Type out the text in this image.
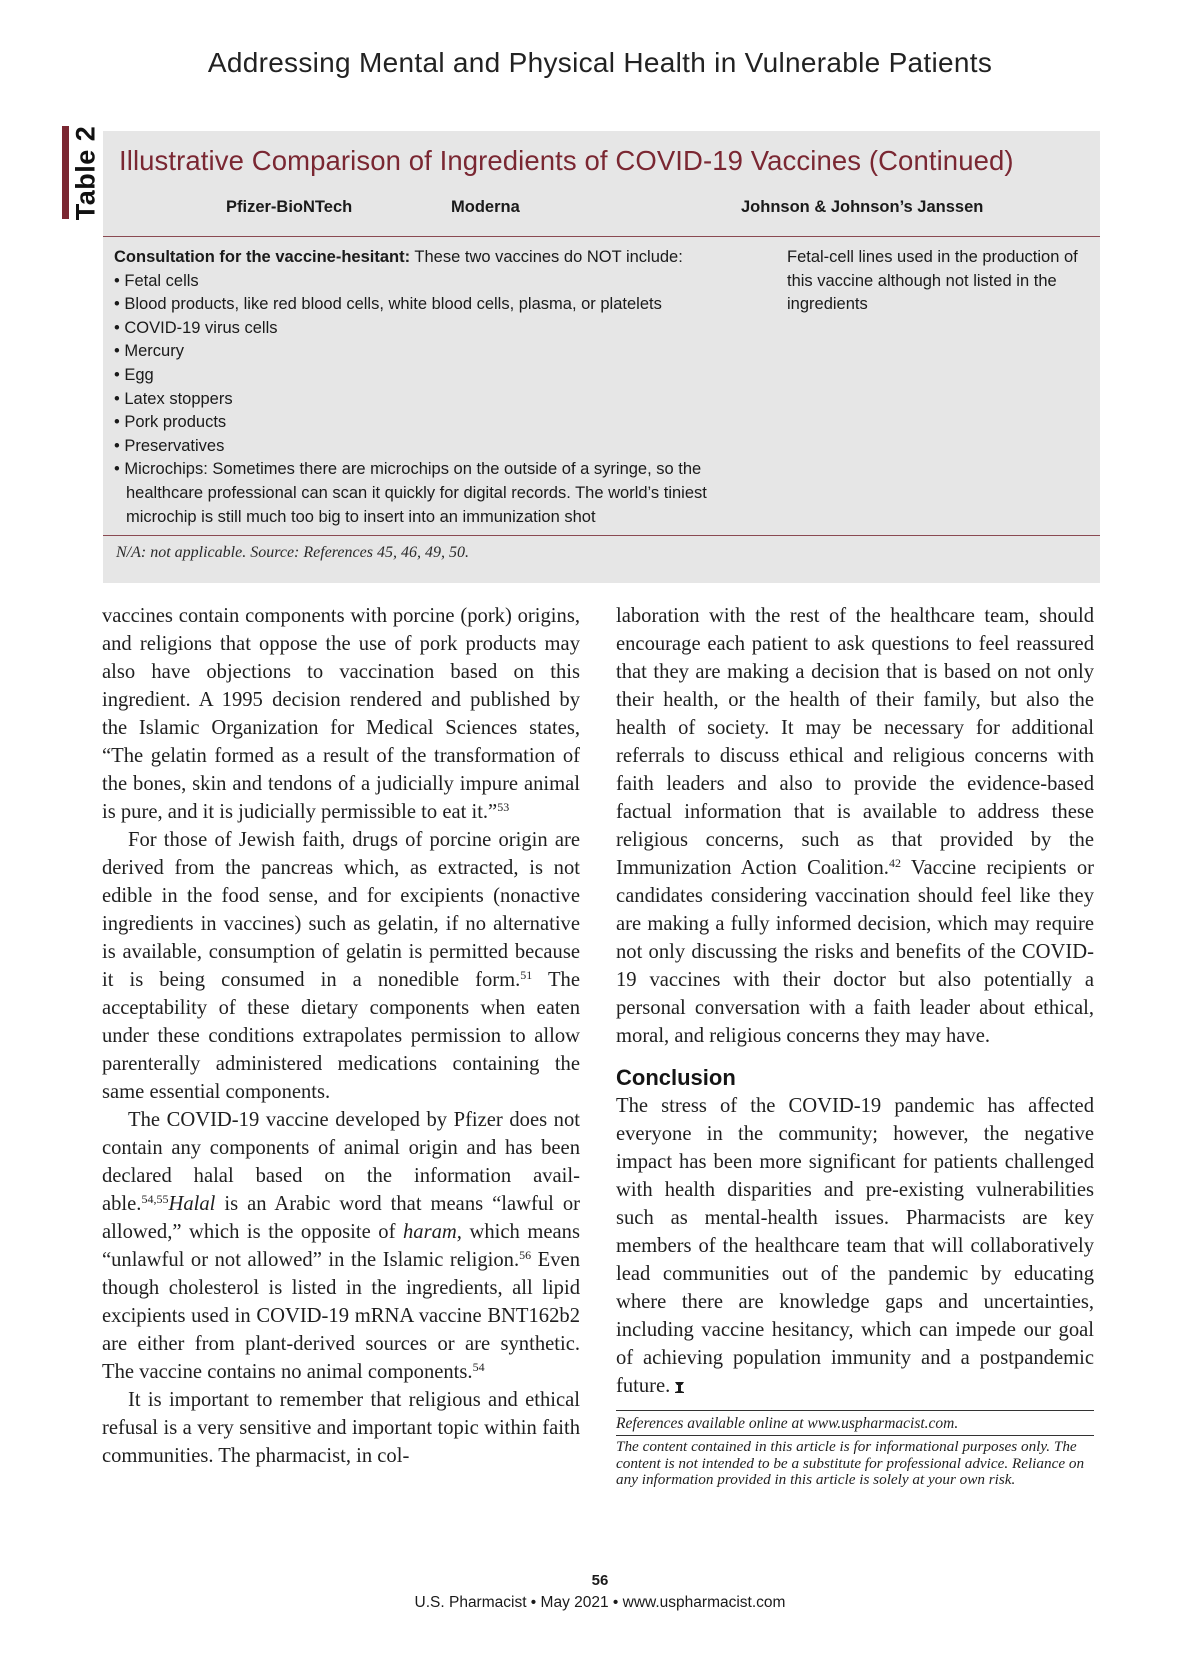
Addressing Mental and Physical Health in Vulnerable Patients
Table 2 Illustrative Comparison of Ingredients of COVID-19 Vaccines (Continued)
Pfizer-BioNTech	Moderna	Johnson & Johnson’s Janssen
Consultation for the vaccine-hesitant: These two vaccines do NOT include:
• Fetal cells
• Blood products, like red blood cells, white blood cells, plasma, or platelets
• COVID-19 virus cells
• Mercury
• Egg
• Latex stoppers
• Pork products
• Preservatives
• Microchips: Sometimes there are microchips on the outside of a syringe, so the healthcare professional can scan it quickly for digital records. The world’s tiniest microchip is still much too big to insert into an immunization shot
Fetal-cell lines used in the production of this vaccine although not listed in the ingredients
N/A: not applicable. Source: References 45, 46, 49, 50.

vaccines contain components with porcine (pork) origins, and religions that oppose the use of pork products may also have objections to vaccination based on this ingredient. A 1995 decision rendered and published by the Islamic Organization for Medical Sciences states, “The gelatin formed as a result of the transformation of the bones, skin and tendons of a judicially impure animal is pure, and it is judicially permissible to eat it.”$^{53}$

For those of Jewish faith, drugs of porcine origin are derived from the pancreas which, as extracted, is not edible in the food sense, and for excipients (nonactive ingredients in vaccines) such as gelatin, if no alternative is available, consumption of gelatin is permitted because it is being consumed in a nonedible form.$^{51}$ The acceptability of these dietary components when eaten under these conditions extrapolates permission to allow parenterally administered medications containing the same essential components.

The COVID-19 vaccine developed by Pfizer does not contain any components of animal origin and has been declared halal based on the information available.$^{54,55}$Halal is an Arabic word that means “lawful or allowed,” which is the opposite of haram, which means “unlawful or not allowed” in the Islamic religion.$^{56}$ Even though cholesterol is listed in the ingredients, all lipid excipients used in COVID-19 mRNA vaccine BNT162b2 are either from plant-derived sources or are synthetic. The vaccine contains no animal components.$^{54}$

It is important to remember that religious and ethical refusal is a very sensitive and important topic within faith communities. The pharmacist, in col-

laboration with the rest of the healthcare team, should encourage each patient to ask questions to feel reassured that they are making a decision that is based on not only their health, or the health of their family, but also the health of society. It may be necessary for additional referrals to discuss ethical and religious concerns with faith leaders and also to provide the evidence-based factual information that is available to address these religious concerns, such as that provided by the Immunization Action Coalition.$^{42}$ Vaccine recipients or candidates considering vaccination should feel like they are making a fully informed decision, which may require not only discussing the risks and benefits of the COVID-19 vaccines with their doctor but also potentially a personal conversation with a faith leader about ethical, moral, and religious concerns they may have.

Conclusion

The stress of the COVID-19 pandemic has affected everyone in the community; however, the negative impact has been more significant for patients challenged with health disparities and pre-existing vulnerabilities such as mental-health issues. Pharmacists are key members of the healthcare team that will collaboratively lead communities out of the pandemic by educating where there are knowledge gaps and uncertainties, including vaccine hesitancy, which can impede our goal of achieving population immunity and a postpandemic future.

References available online at www.uspharmacist.com.

The content contained in this article is for informational purposes only. The content is not intended to be a substitute for professional advice. Reliance on any information provided in this article is solely at your own risk.

56
U.S. Pharmacist • May 2021 • www.uspharmacist.com
